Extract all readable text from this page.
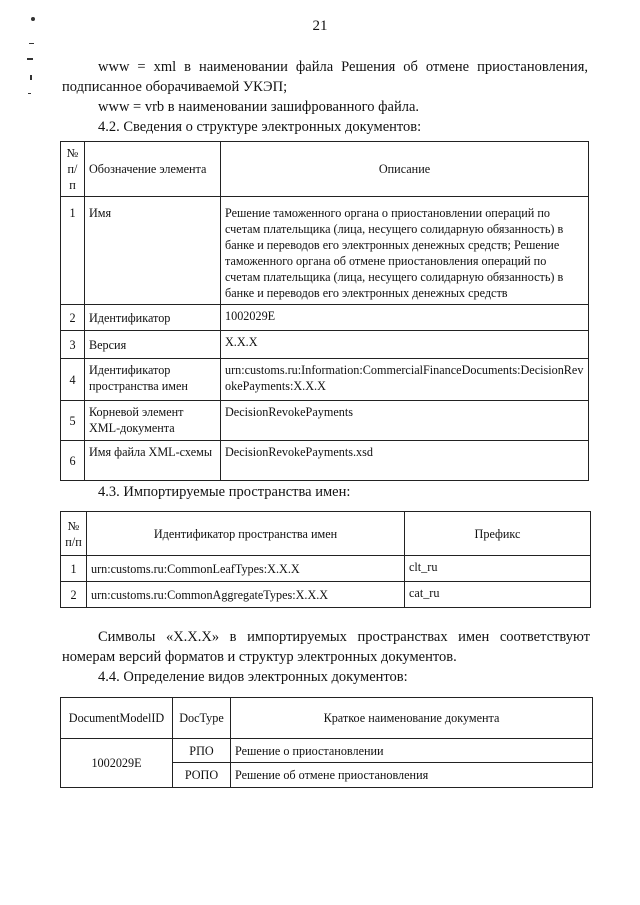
21
www = xml в наименовании файла Решения об отмене приостановления,
подписанное оборачиваемой УКЭП;
www = vrb в наименовании зашифрованного файла.
4.2. Сведения о структуре электронных документов:
№
п/п	Обозначение элемента	Описание
1	Имя	Решение таможенного органа о приостановлении операций по счетам плательщика (лица, несущего солидарную обязанность) в банке и переводов его электронных денежных средств; Решение таможенного органа об отмене приостановления операций по счетам плательщика (лица, несущего солидарную обязанность) в банке и переводов его электронных денежных средств
2	Идентификатор	1002029E
3	Версия	X.X.X
4	Идентификатор пространства имен	urn:customs.ru:Information:CommercialFinanceDocuments:DecisionRevokePayments:X.X.X
5	Корневой элемент XML-документа	DecisionRevokePayments
6	Имя файла XML-схемы	DecisionRevokePayments.xsd
4.3. Импортируемые пространства имен:
№
п/п	Идентификатор пространства имен	Префикс
1	urn:customs.ru:CommonLeafTypes:X.X.X	clt_ru
2	urn:customs.ru:CommonAggregateTypes:X.X.X	cat_ru
Символы «X.X.X» в импортируемых пространствах имен соответствуют
номерам версий форматов и структур электронных документов.
4.4. Определение видов электронных документов:
DocumentModelID	DocType	Краткое наименование документа
1002029E	РПО	Решение о приостановлении
	РОПО	Решение об отмене приостановления
